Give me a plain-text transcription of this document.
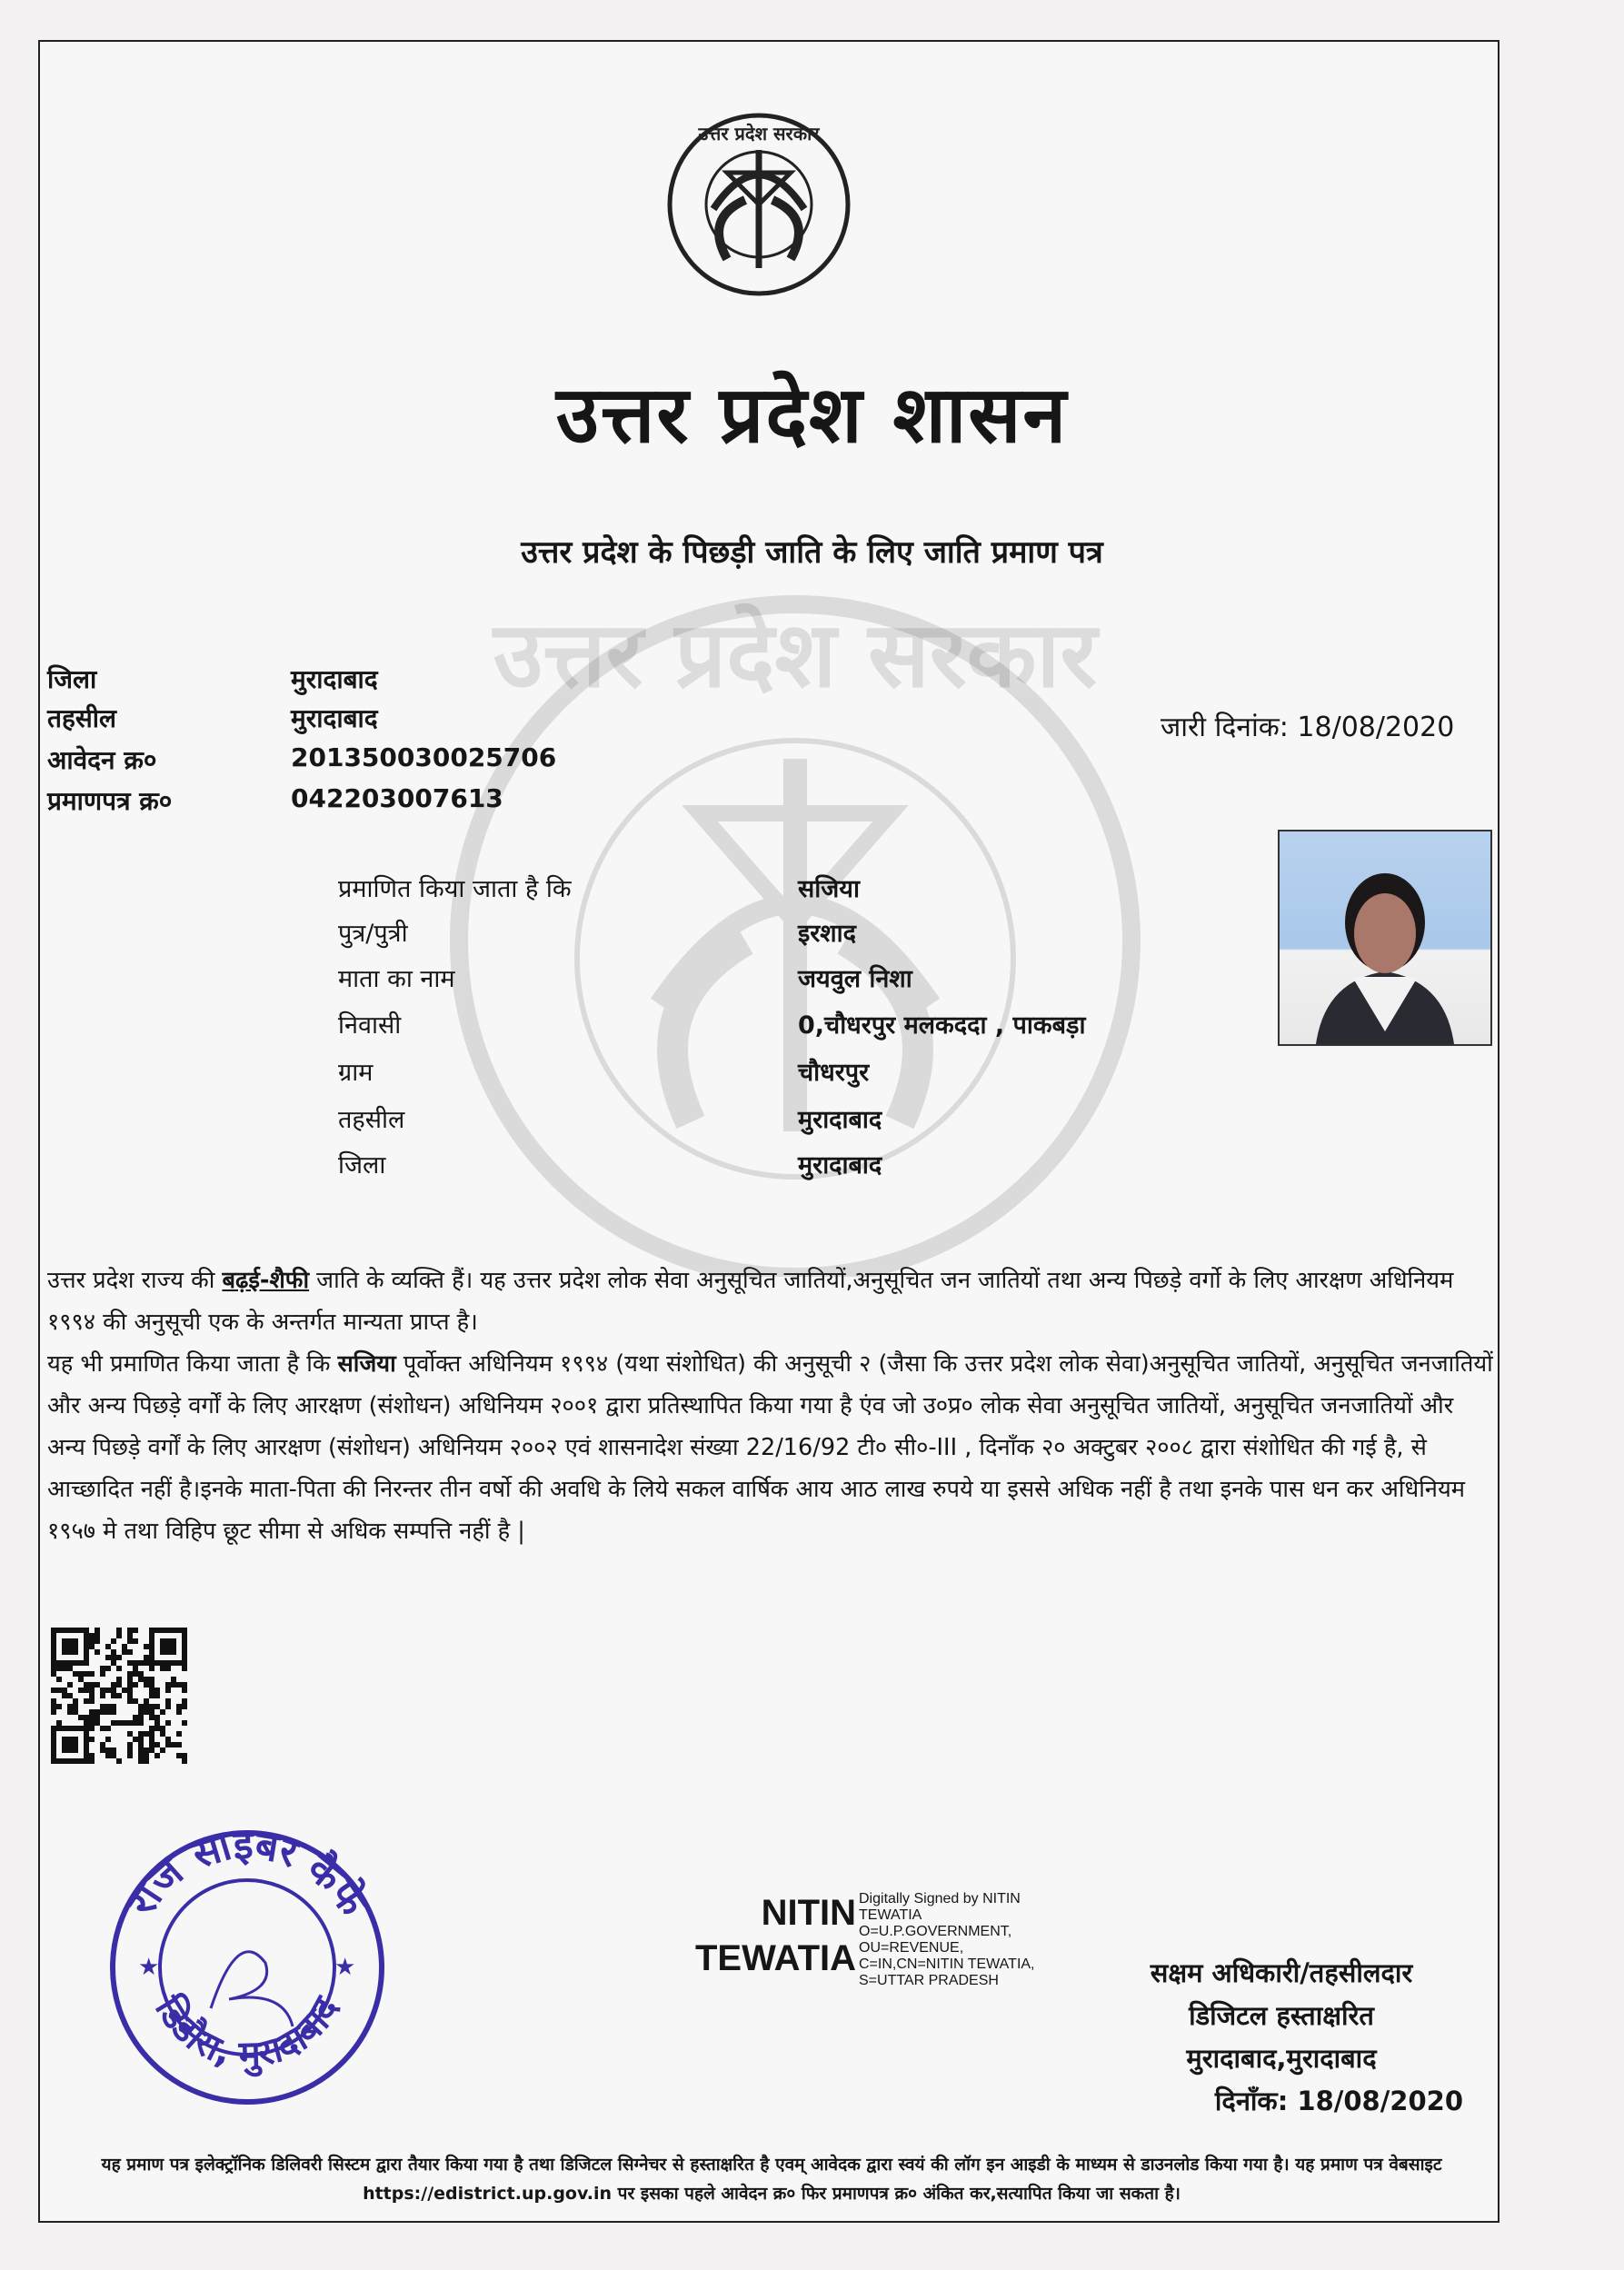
उत्तर प्रदेश सरकार
उत्तर प्रदेश सरकार
उत्तर प्रदेश शासन
उत्तर प्रदेश के पिछड़ी जाति के लिए जाति प्रमाण पत्र
जिला	मुरादाबाद
तहसील	मुरादाबाद
आवेदन क्र०	201350030025706
प्रमाणपत्र क्र०	042203007613
जारी दिनांक: 18/08/2020
प्रमाणित किया जाता है कि	सजिया
पुत्र/पुत्री	इरशाद
माता का नाम	जयवुल निशा
निवासी	0,चौधरपुर मलकददा , पाकबड़ा
ग्राम	चौधरपुर
तहसील	मुरादाबाद
जिला	मुरादाबाद
उत्तर प्रदेश राज्य की बढ़ई-शैफी जाति के व्यक्ति हैं। यह उत्तर प्रदेश लोक सेवा अनुसूचित जातियों,अनुसूचित जन जातियों तथा अन्य पिछड़े वर्गो के लिए आरक्षण अधिनियम १९९४ की अनुसूची एक के अन्तर्गत मान्यता प्राप्त है।
यह भी प्रमाणित किया जाता है कि सजिया पूर्वोक्त अधिनियम १९९४ (यथा संशोधित) की अनुसूची २ (जैसा कि उत्तर प्रदेश लोक सेवा)अनुसूचित जातियों, अनुसूचित जनजातियों और अन्य पिछड़े वर्गों के लिए आरक्षण (संशोधन) अधिनियम २००१ द्वारा प्रतिस्थापित किया गया है एंव जो उ०प्र० लोक सेवा अनुसूचित जातियों, अनुसूचित जनजातियों और अन्य पिछड़े वर्गों के लिए आरक्षण (संशोधन) अधिनियम २००२ एवं शासनादेश संख्या 22/16/92 टी० सी०-III , दिनाँक २० अक्टुबर २००८ द्वारा संशोधित की गई है, से आच्छादित नहीं है।इनके माता-पिता की निरन्तर तीन वर्षो की अवधि के लिये सकल वार्षिक आय आठ लाख रुपये या इससे अधिक नहीं है तथा इनके पास धन कर अधिनियम १९५७ मे तथा विहिप छूट सीमा से अधिक सम्पत्ति नहीं है |
राज साइबर कैफे
डिडौरा, मुरादाबाद
★	★
NITIN
TEWATIA
Digitally Signed by NITIN TEWATIA O=U.P.GOVERNMENT, OU=REVENUE, C=IN,CN=NITIN TEWATIA, S=UTTAR PRADESH	सक्षम अधिकारी/तहसीलदार
डिजिटल हस्ताक्षरित
मुरादाबाद,मुरादाबाद
दिनाँक: 18/08/2020
यह प्रमाण पत्र इलेक्ट्रॉनिक डिलिवरी सिस्टम द्वारा तैयार किया गया है तथा डिजिटल सिग्नेचर से हस्ताक्षरित है एवम् आवेदक द्वारा स्वयं की लॉग इन आइडी के माध्यम से डाउनलोड किया गया है। यह प्रमाण पत्र वेबसाइट https://edistrict.up.gov.in पर इसका पहले आवेदन क्र० फिर प्रमाणपत्र क्र० अंकित कर,सत्यापित किया जा सकता है।
